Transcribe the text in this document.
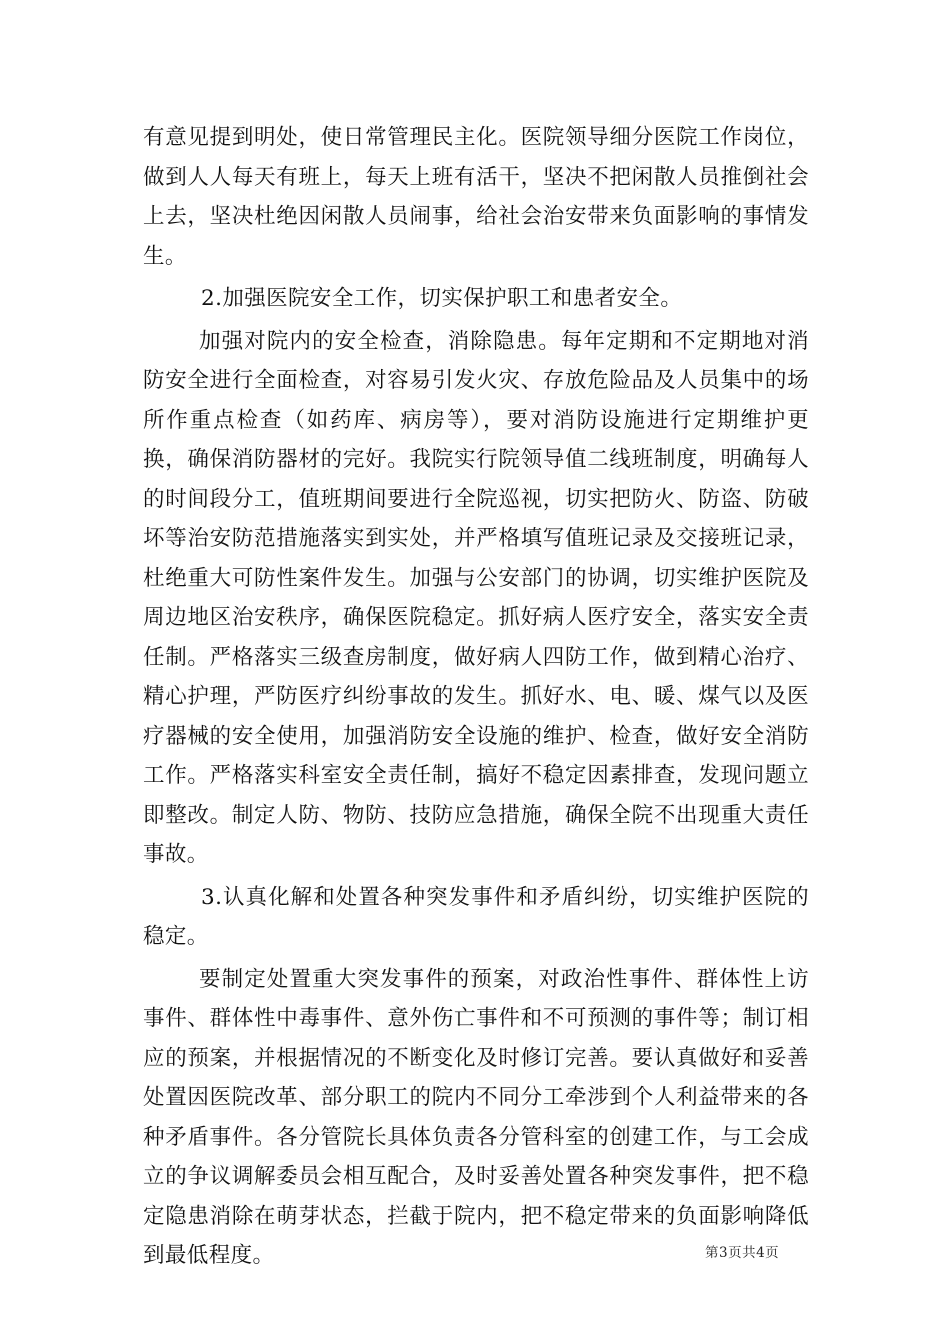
有意见提到明处，使日常管理民主化。医院领导细分医院工作岗位，做到人人每天有班上，每天上班有活干，坚决不把闲散人员推倒社会上去，坚决杜绝因闲散人员闹事，给社会治安带来负面影响的事情发生。

2.加强医院安全工作，切实保护职工和患者安全。

加强对院内的安全检查，消除隐患。每年定期和不定期地对消防安全进行全面检查，对容易引发火灾、存放危险品及人员集中的场所作重点检查（如药库、病房等），要对消防设施进行定期维护更换，确保消防器材的完好。我院实行院领导值二线班制度，明确每人的时间段分工，值班期间要进行全院巡视，切实把防火、防盗、防破坏等治安防范措施落实到实处，并严格填写值班记录及交接班记录，杜绝重大可防性案件发生。加强与公安部门的协调，切实维护医院及周边地区治安秩序，确保医院稳定。抓好病人医疗安全，落实安全责任制。严格落实三级查房制度，做好病人四防工作，做到精心治疗、精心护理，严防医疗纠纷事故的发生。抓好水、电、暖、煤气以及医疗器械的安全使用，加强消防安全设施的维护、检查，做好安全消防工作。严格落实科室安全责任制，搞好不稳定因素排查，发现问题立即整改。制定人防、物防、技防应急措施，确保全院不出现重大责任事故。

3.认真化解和处置各种突发事件和矛盾纠纷，切实维护医院的稳定。

要制定处置重大突发事件的预案，对政治性事件、群体性上访事件、群体性中毒事件、意外伤亡事件和不可预测的事件等；制订相应的预案，并根据情况的不断变化及时修订完善。要认真做好和妥善处置因医院改革、部分职工的院内不同分工牵涉到个人利益带来的各种矛盾事件。各分管院长具体负责各分管科室的创建工作，与工会成立的争议调解委员会相互配合，及时妥善处置各种突发事件，把不稳定隐患消除在萌芽状态，拦截于院内，把不稳定带来的负面影响降低到最低程度。	第3页共4页
